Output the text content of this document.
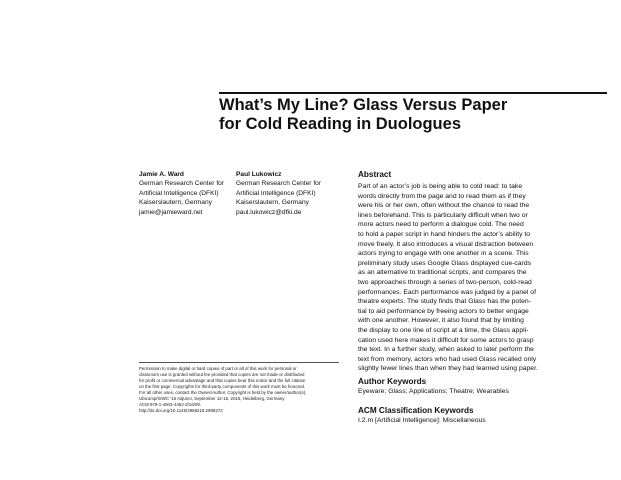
What’s My Line? Glass Versus Paper
for Cold Reading in Duologues
Jamie A. Ward
German Research Center for
Artificial Intelligence (DFKI)
Kaiserslautern, Germany
jamie@jamieward.net
Paul Lukowicz
German Research Center for
Artificial Intelligence (DFKI)
Kaiserslautern, Germany
paul.lukowicz@dfki.de
Abstract

Part of an actor’s job is being able to cold read: to take
words directly from the page and to read them as if they
were his or her own, often without the chance to read the
lines beforehand. This is particularly difficult when two or
more actors need to perform a dialogue cold. The need
to hold a paper script in hand hinders the actor’s ability to
move freely. It also introduces a visual distraction between
actors trying to engage with one another in a scene. This
preliminary study uses Google Glass displayed cue-cards
as an alternative to traditional scripts, and compares the
two approaches through a series of two-person, cold-read
performances. Each performance was judged by a panel of
theatre experts. The study finds that Glass has the poten-
tial to aid performance by freeing actors to better engage
with one another. However, it also found that by limiting
the display to one line of script at a time, the Glass appli-
cation used here makes it difficult for some actors to grasp
the text. In a further study, when asked to later perform the
text from memory, actors who had used Glass recalled only
slightly fewer lines than when they had learned using paper.

Author Keywords

Eyeware; Glass; Applications; Theatre; Wearables

ACM Classification Keywords

I.2.m [Artificial Intelligence]: Miscellaneous

Permission to make digital or hard copies of part or all of this work for personal or
classroom use is granted without fee provided that copies are not made or distributed
for profit or commercial advantage and that copies bear this notice and the full citation
on the first page. Copyrights for third-party components of this work must be honored.
For all other uses, contact the Owner/Author. Copyright is held by the owner/author(s).
Ubicomp/ISWC ’16 Adjunct, September 12-16, 2016, Heidelberg, Germany
ACM 978-1-4503-4462-3/16/09.
http://dx.doi.org/10.1145/2968219.2968272
